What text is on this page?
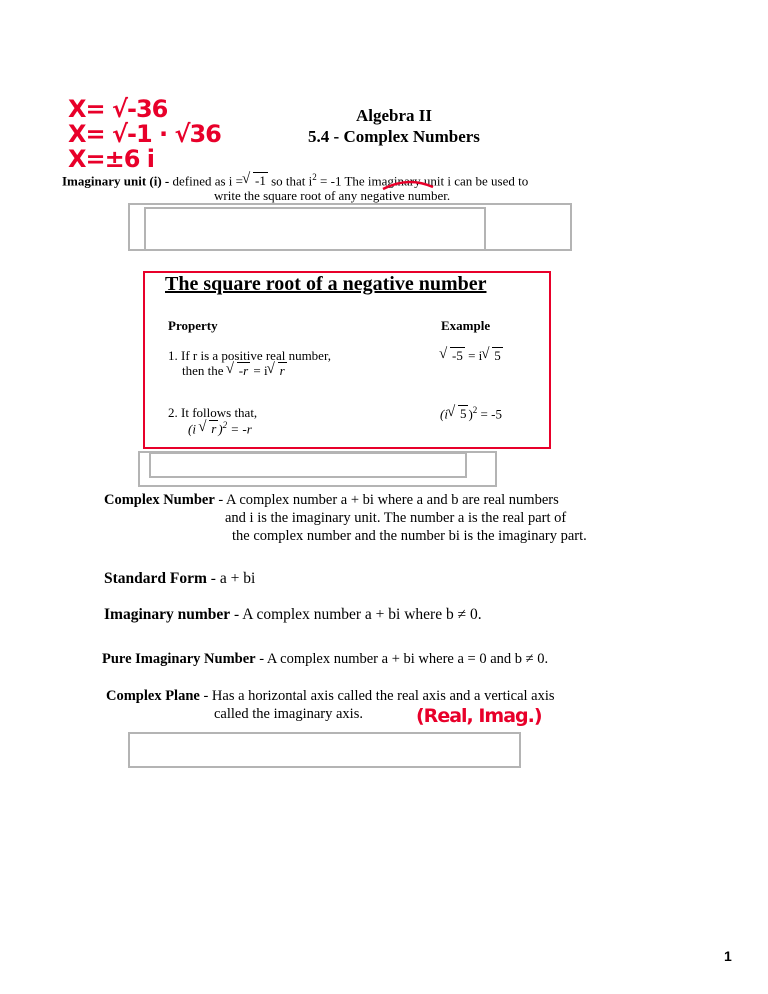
X= √-36
X= √-1 · √36
X=±6 i
Algebra II
5.4 - Complex Numbers
Imaginary unit (i) - defined as i = √ -1 so that $i^2 = -1$ The imaginary unit i can be used to
write the square root of any negative number.
The square root of a negative number
Property	Example
1. If r is a positive real number,
then the √ -r = i √ r
√ -5 = i √ 5
2. It follows that,
(i √ r )$^2$ = -r
(i √ 5 )$^2$ = -5
Complex Number - A complex number a + bi where a and b are real numbers
and i is the imaginary unit. The number a is the real part of
the complex number and the number bi is the imaginary part.
Standard Form - a + bi
Imaginary number - A complex number a + bi where b ≠ 0.
Pure Imaginary Number - A complex number a + bi where a = 0 and b ≠ 0.
Complex Plane - Has a horizontal axis called the real axis and a vertical axis
called the imaginary axis.	(Real, Imag.)
1
